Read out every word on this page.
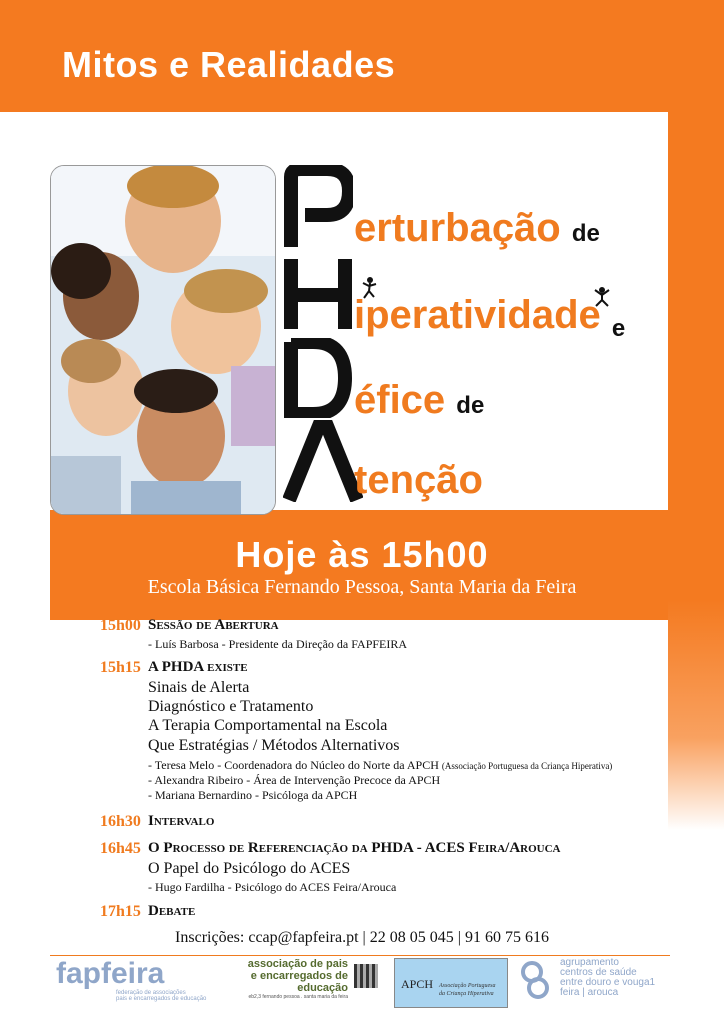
Mitos e Realidades
erturbação de
iperatividade $_e$
éfice de
tenção
Hoje às 15h00
Escola Básica Fernando Pessoa, Santa Maria da Feira
15h00 Sessão de Abertura
- Luís Barbosa - Presidente da Direção da FAPFEIRA
15h15 A PHDA existe
Sinais de Alerta
Diagnóstico e Tratamento
A Terapia Comportamental na Escola
Que Estratégias / Métodos Alternativos
- Teresa Melo - Coordenadora do Núcleo do Norte da APCH (Associação Portuguesa da Criança Hiperativa)
- Alexandra Ribeiro - Área de Intervenção Precoce da APCH
- Mariana Bernardino - Psicóloga da APCH
16h30 Intervalo
16h45 O Processo de Referenciação da PHDA - ACES Feira/Arouca
O Papel do Psicólogo do ACES
- Hugo Fardilha - Psicólogo do ACES Feira/Arouca
17h15 Debate
Inscrições: ccap@fapfeira.pt | 22 08 05 045 | 91 60 75 616
fapfeira
federação de associações
pais e encarregados de educação
associação de pais
e encarregados de educação
eb2,3 fernando pessoa . santa maria da feira
APCH Associação Portuguesa
da Criança Hiperativa
agrupamento
centros de saúde
entre douro e vouga1
feira | arouca
